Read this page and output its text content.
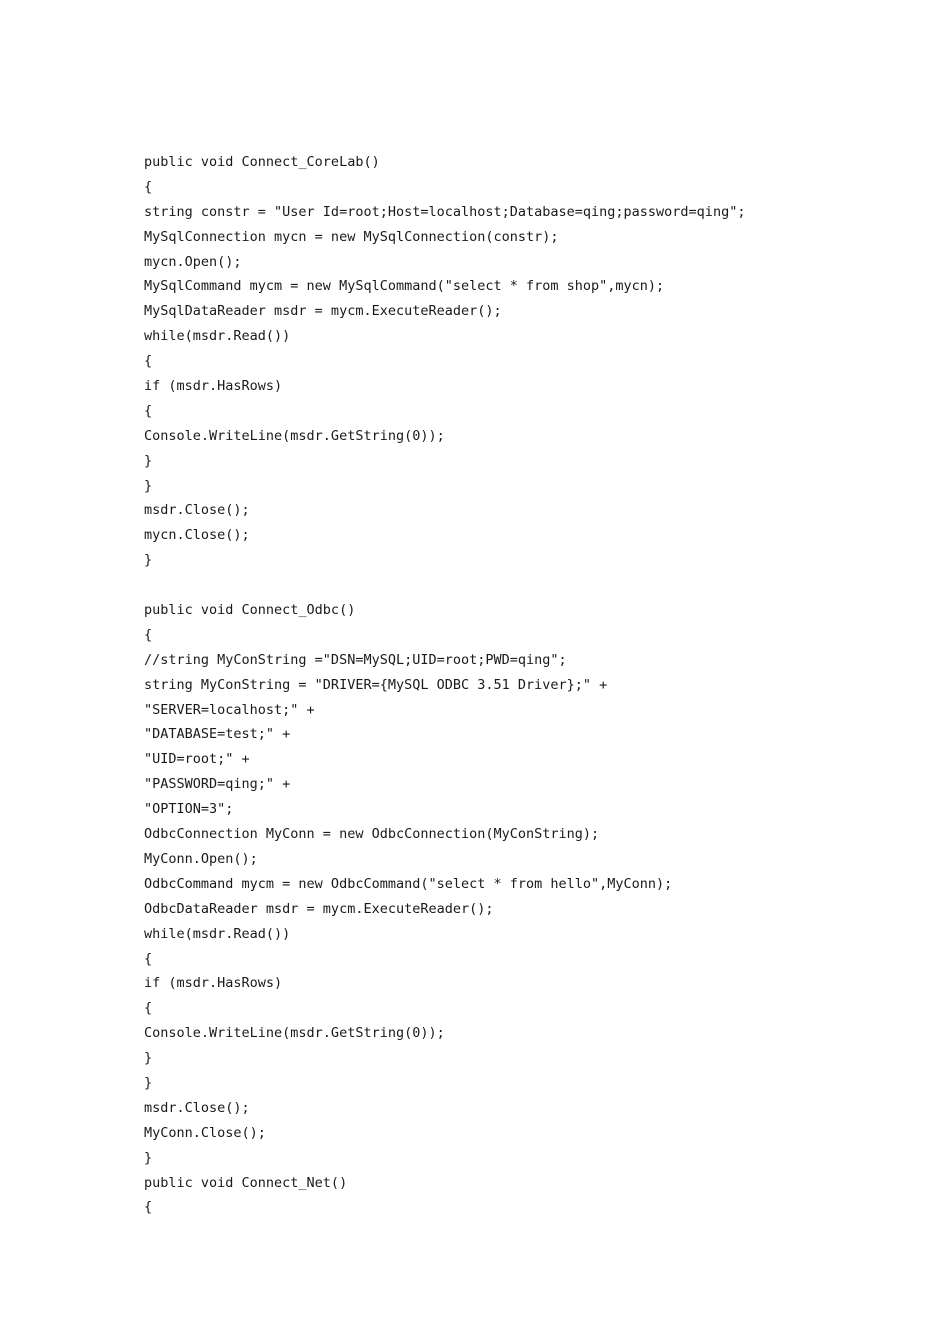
public void Connect_CoreLab()
{
string constr = "User Id=root;Host=localhost;Database=qing;password=qing";
MySqlConnection mycn = new MySqlConnection(constr);
mycn.Open();
MySqlCommand mycm = new MySqlCommand("select * from shop",mycn);
MySqlDataReader msdr = mycm.ExecuteReader();
while(msdr.Read())
{
if (msdr.HasRows)
{
Console.WriteLine(msdr.GetString(0));
}
}
msdr.Close();
mycn.Close();
}
public void Connect_Odbc()
{
//string MyConString ="DSN=MySQL;UID=root;PWD=qing";
string MyConString = "DRIVER={MySQL ODBC 3.51 Driver};" +
"SERVER=localhost;" +
"DATABASE=test;" +
"UID=root;" +
"PASSWORD=qing;" +
"OPTION=3";
OdbcConnection MyConn = new OdbcConnection(MyConString);
MyConn.Open();
OdbcCommand mycm = new OdbcCommand("select * from hello",MyConn);
OdbcDataReader msdr = mycm.ExecuteReader();
while(msdr.Read())
{
if (msdr.HasRows)
{
Console.WriteLine(msdr.GetString(0));
}
}
msdr.Close();
MyConn.Close();
}
public void Connect_Net()
{
